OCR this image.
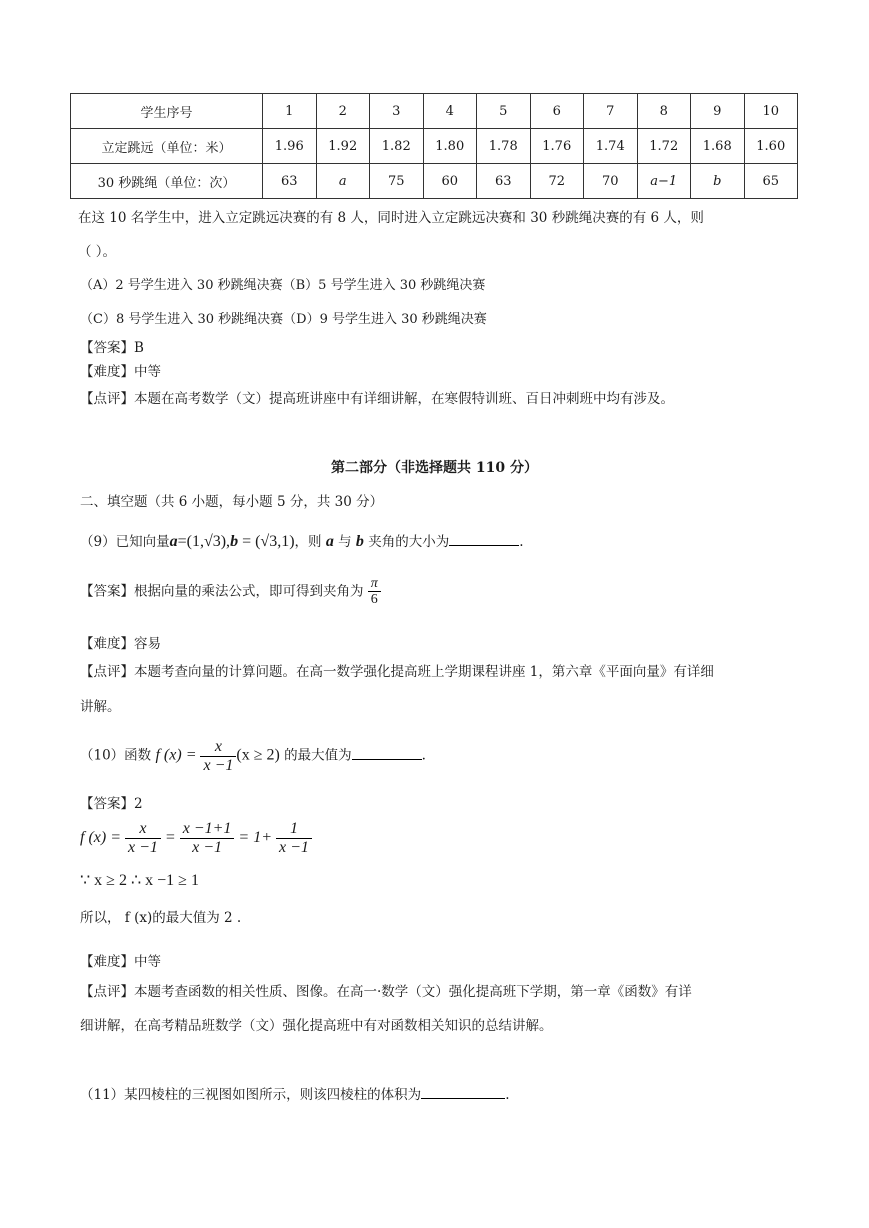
学生序号	1	2	3	4	5	6	7	8	9	10
立定跳远（单位：米）	1.96	1.92	1.82	1.80	1.78	1.76	1.74	1.72	1.68	1.60
30 秒跳绳（单位：次）	63	a	75	60	63	72	70	a−1	b	65
在这 10 名学生中，进入立定跳远决赛的有 8 人，同时进入立定跳远决赛和 30 秒跳绳决赛的有 6 人，则
（ ）。
（A）2 号学生进入 30 秒跳绳决赛（B）5 号学生进入 30 秒跳绳决赛
（C）8 号学生进入 30 秒跳绳决赛（D）9 号学生进入 30 秒跳绳决赛
【答案】B
【难度】中等
【点评】本题在高考数学（文）提高班讲座中有详细讲解，在寒假特训班、百日冲刺班中均有涉及。
第二部分（非选择题共 110 分）
二、填空题（共 6 小题，每小题 5 分，共 30 分）
（9）已知向量a=(1,√3),b = (√3,1)，则 a 与 b 夹角的大小为	.
【答案】根据向量的乘法公式，即可得到夹角为 $\frac{\pi}{6}$
【难度】容易
【点评】本题考查向量的计算问题。在高一数学强化提高班上学期课程讲座 1，第六章《平面向量》有详细
讲解。
（10）函数 f $(x) = \frac{x}{x -1} (x \ge 2)$ 的最大值为	.
【答案】2
f $(x) = \frac{x}{x -1} = \frac{x -1+1}{x -1} = 1+ \frac{1}{x -1}$
∵ x ≥ 2 ∴ x −1 ≥ 1
所以， f (x)的最大值为 2 .
【难度】中等
【点评】本题考查函数的相关性质、图像。在高一·数学（文）强化提高班下学期，第一章《函数》有详
细讲解，在高考精品班数学（文）强化提高班中有对函数相关知识的总结讲解。
（11）某四棱柱的三视图如图所示，则该四棱柱的体积为	.
